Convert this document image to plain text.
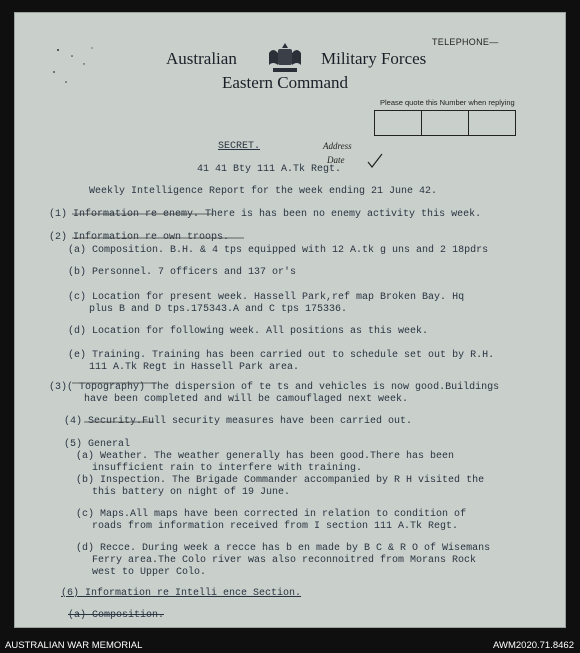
Australian	Military Forces
Eastern Command
TELEPHONE—
Please quote this Number when replying
Address
Date
SECRET.
41 41 Bty 111 A.Tk Regt.
Weekly Intelligence Report for the week ending 21 June 42.
(1) Information re enemy. There is has been no enemy activity this week.
(2) Information re own troops.
(a) Composition. B.H. & 4 tps equipped with 12 A.tk g uns and 2 18pdrs
(b) Personnel. 7 officers and 137 or's
(c) Location for present week. Hassell Park,ref map Broken Bay. Hq
plus B and D tps.175343.A and C tps 175336.
(d) Location for following week. All positions as this week.
(e) Training. Training has been carried out to schedule set out by R.H.
111 A.Tk Regt in Hassell Park area.
(3)( Topography) The dispersion of te ts and vehicles is now good.Buildings
have been completed and will be camouflaged next week.
(4) Security.Full security measures have been carried out.
(5) General
(a) Weather. The weather generally has been good.There has been
insufficient rain to interfere with training.
(b) Inspection. The Brigade Commander accompanied by R H visited the
this battery on night of 19 June.
(c) Maps.All maps have been corrected in relation to condition of
roads from information received from I section 111 A.Tk Regt.
(d) Recce. During week a recce has b en made by B C & R O of Wisemans
Ferry area.The Colo river was also reconnoitred from Morans Rock
west to Upper Colo.
(6) Information re Intelli ence Section.
(a) Composition.
AUSTRALIAN WAR MEMORIAL	AWM2020.71.8462
